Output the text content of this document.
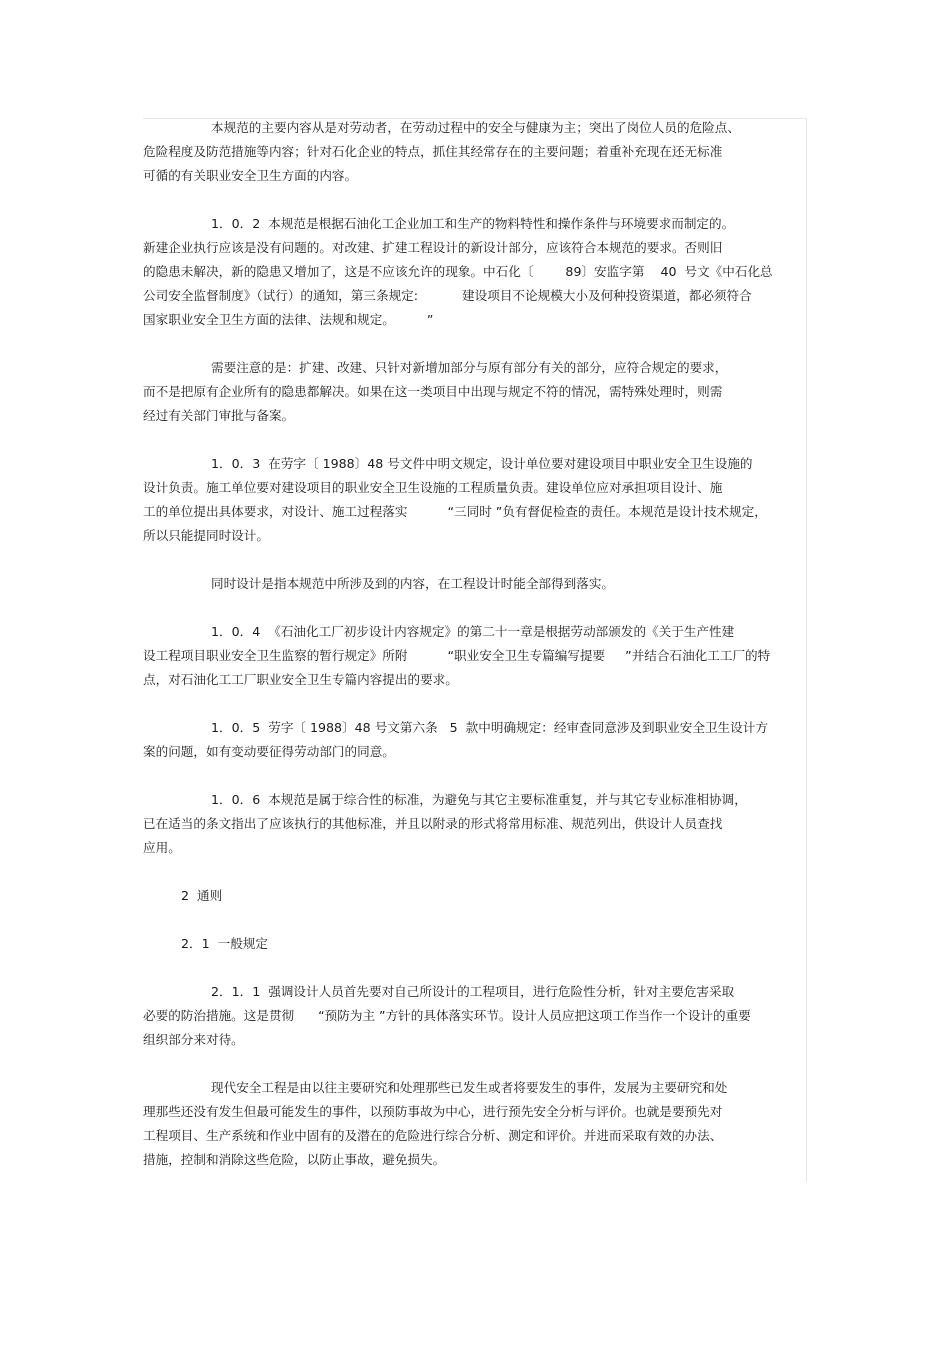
本规范的主要内容从是对劳动者，在劳动过程中的安全与健康为主；突出了岗位人员的危险点、
危险程度及防范措施等内容；针对石化企业的特点，抓住其经常存在的主要问题；着重补充现在还无标准
可循的有关职业安全卫生方面的内容。

1．0．2  本规范是根据石油化工企业加工和生产的物料特性和操作条件与环境要求而制定的。
新建企业执行应该是没有问题的。对改建、扩建工程设计的新设计部分，应该符合本规范的要求。否则旧
的隐患未解决，新的隐患又增加了，这是不应该允许的现象。中石化〔        89〕安监字第    40  号文《中石化总
公司安全监督制度》（试行）的通知，第三条规定:           建设项目不论规模大小及何种投资渠道，都必须符合
国家职业安全卫生方面的法律、法规和规定。        ”

需要注意的是：扩建、改建、只针对新增加部分与原有部分有关的部分，应符合规定的要求，
而不是把原有企业所有的隐患都解决。如果在这一类项目中出现与规定不符的情况，需特殊处理时，则需
经过有关部门审批与备案。

1．0．3  在劳字〔 1988〕48 号文件中明文规定，设计单位要对建设项目中职业安全卫生设施的
设计负责。施工单位要对建设项目的职业安全卫生设施的工程质量负责。建设单位应对承担项目设计、施
工的单位提出具体要求，对设计、施工过程落实          “三同时 ”负有督促检查的责任。本规范是设计技术规定，
所以只能提同时设计。

同时设计是指本规范中所涉及到的内容，在工程设计时能全部得到落实。

1．0．4  《石油化工厂初步设计内容规定》的第二十一章是根据劳动部颁发的《关于生产性建
设工程项目职业安全卫生监察的暂行规定》所附          “职业安全卫生专篇编写提要     ”并结合石油化工工厂的特
点，对石油化工工厂职业安全卫生专篇内容提出的要求。

1．0．5  劳字〔 1988〕48 号文第六条   5  款中明确规定：经审查同意涉及到职业安全卫生设计方
案的问题，如有变动要征得劳动部门的同意。

1．0．6  本规范是属于综合性的标准，为避免与其它主要标准重复，并与其它专业标准相协调，
已在适当的条文指出了应该执行的其他标准，并且以附录的形式将常用标准、规范列出，供设计人员查找
应用。

2  通则

2．1  一般规定

2．1．1  强调设计人员首先要对自己所设计的工程项目，进行危险性分析，针对主要危害采取
必要的防治措施。这是贯彻      “预防为主 ”方针的具体落实环节。设计人员应把这项工作当作一个设计的重要
组织部分来对待。

现代安全工程是由以往主要研究和处理那些已发生或者将要发生的事件，发展为主要研究和处
理那些还没有发生但最可能发生的事件，以预防事故为中心，进行预先安全分析与评价。也就是要预先对
工程项目、生产系统和作业中固有的及潜在的危险进行综合分析、测定和评价。并进而采取有效的办法、
措施，控制和消除这些危险，以防止事故，避免损失。
